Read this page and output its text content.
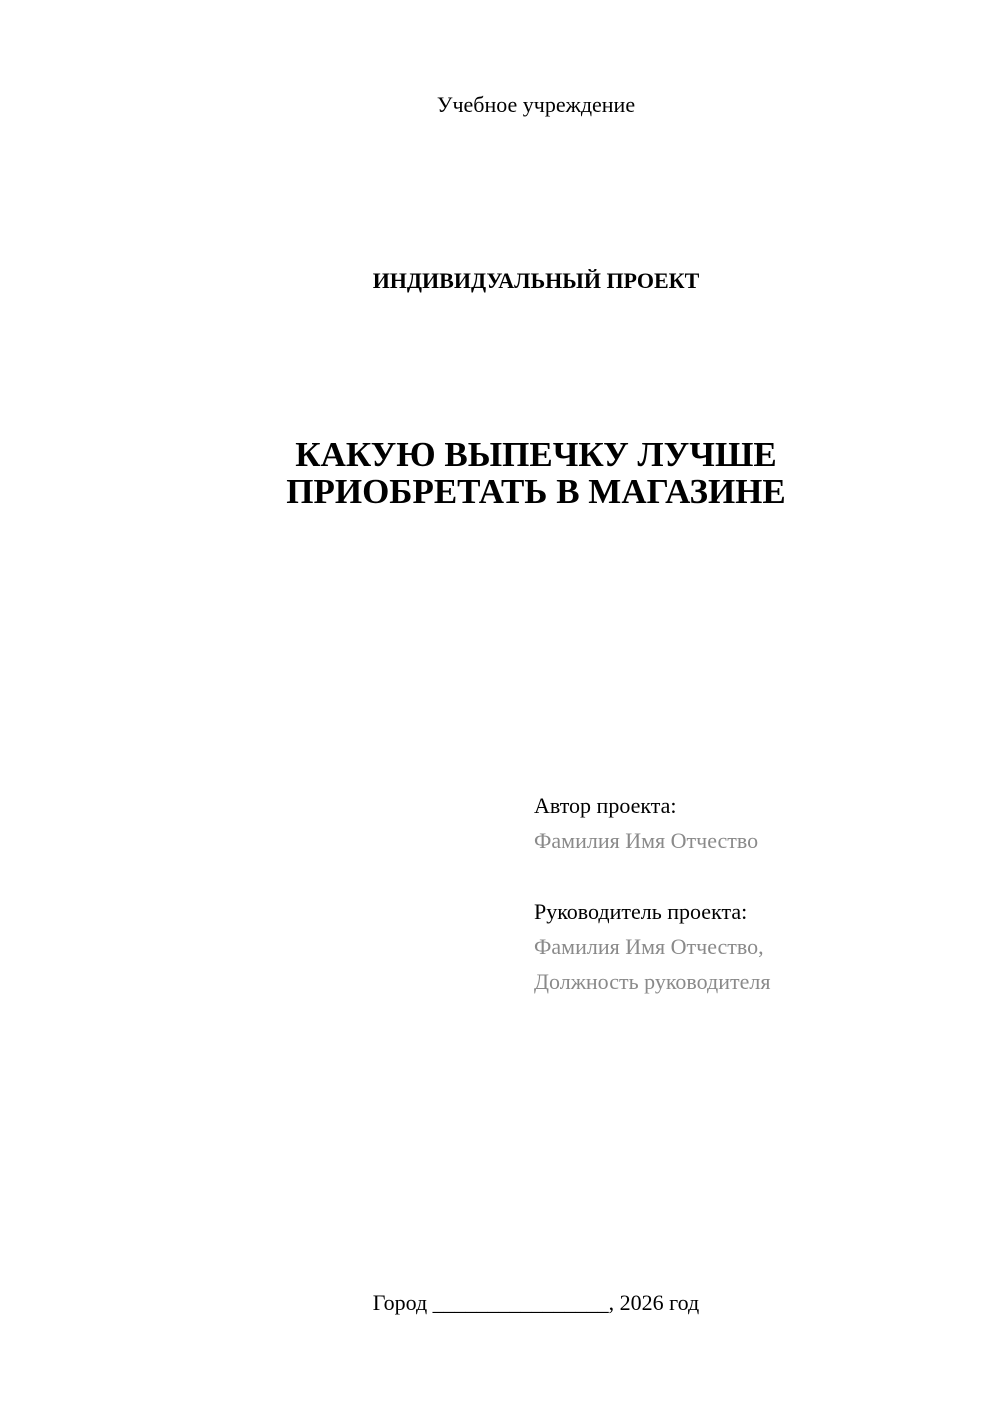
Учебное учреждение
ИНДИВИДУАЛЬНЫЙ ПРОЕКТ
КАКУЮ ВЫПЕЧКУ ЛУЧШЕ
ПРИОБРЕТАТЬ В МАГАЗИНЕ
Автор проекта:
Фамилия Имя Отчество
Руководитель проекта:
Фамилия Имя Отчество,
Должность руководителя
Город ________________, 2026 год
